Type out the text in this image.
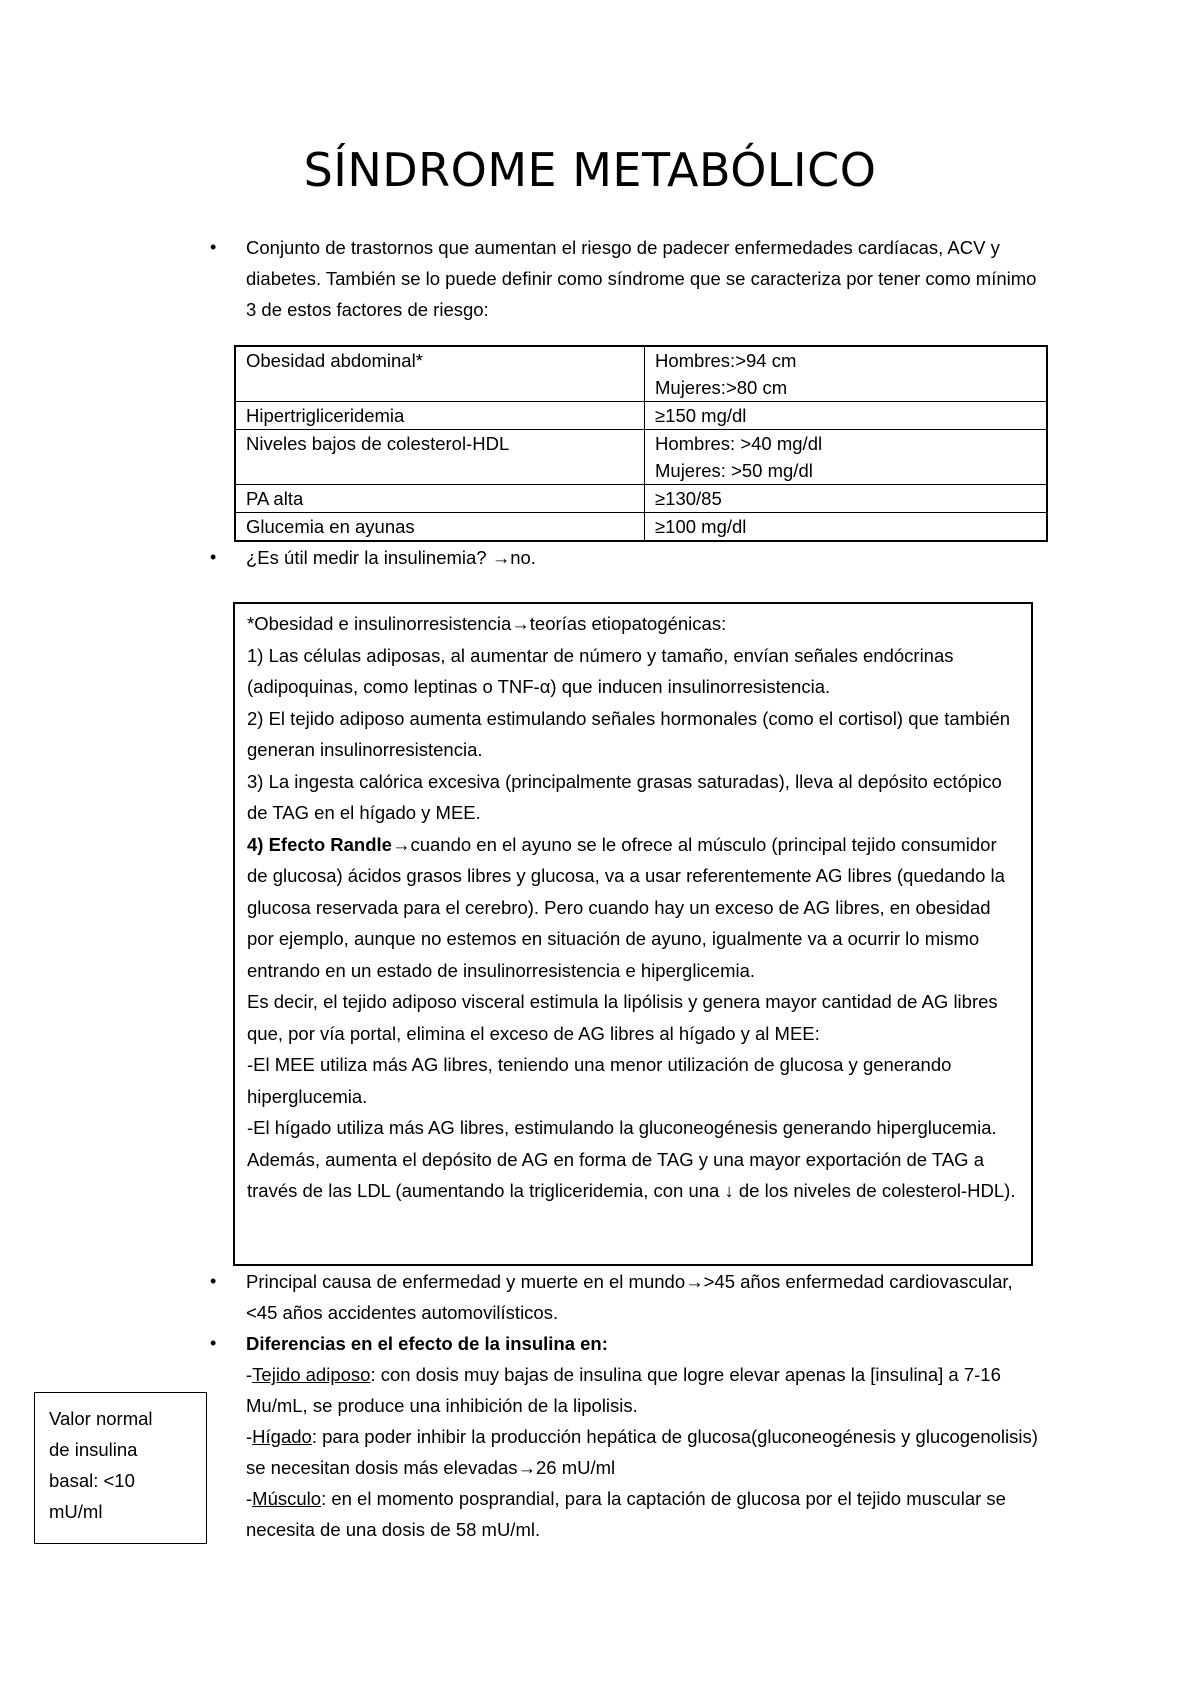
SÍNDROME METABÓLICO
• Conjunto de trastornos que aumentan el riesgo de padecer enfermedades cardíacas, ACV y diabetes. También se lo puede definir como síndrome que se caracteriza por tener como mínimo 3 de estos factores de riesgo:
Obesidad abdominal*	Hombres:>94 cm
Mujeres:>80 cm

Hipertrigliceridemia	≥150 mg/dl

Niveles bajos de colesterol-HDL	Hombres: >40 mg/dl
Mujeres: >50 mg/dl

PA alta	≥130/85

Glucemia en ayunas	≥100 mg/dl
• ¿Es útil medir la insulinemia? →no.

*Obesidad e insulinorresistencia→teorías etiopatogénicas:

1) Las células adiposas, al aumentar de número y tamaño, envían señales endócrinas (adipoquinas, como leptinas o TNF-α) que inducen insulinorresistencia.

2) El tejido adiposo aumenta estimulando señales hormonales (como el cortisol) que también generan insulinorresistencia.

3) La ingesta calórica excesiva (principalmente grasas saturadas), lleva al depósito ectópico de TAG en el hígado y MEE.

4) Efecto Randle→cuando en el ayuno se le ofrece al músculo (principal tejido consumidor de glucosa) ácidos grasos libres y glucosa, va a usar referentemente AG libres (quedando la glucosa reservada para el cerebro). Pero cuando hay un exceso de AG libres, en obesidad por ejemplo, aunque no estemos en situación de ayuno, igualmente va a ocurrir lo mismo entrando en un estado de insulinorresistencia e hiperglicemia.

Es decir, el tejido adiposo visceral estimula la lipólisis y genera mayor cantidad de AG libres que, por vía portal, elimina el exceso de AG libres al hígado y al MEE:

-El MEE utiliza más AG libres, teniendo una menor utilización de glucosa y generando hiperglucemia.

-El hígado utiliza más AG libres, estimulando la gluconeogénesis generando hiperglucemia. Además, aumenta el depósito de AG en forma de TAG y una mayor exportación de TAG a través de las LDL (aumentando la trigliceridemia, con una ↓ de los niveles de colesterol-HDL).

• Principal causa de enfermedad y muerte en el mundo→>45 años enfermedad cardiovascular, <45 años accidentes automovilísticos.
• Diferencias en el efecto de la insulina en:
-Tejido adiposo: con dosis muy bajas de insulina que logre elevar apenas la [insulina] a 7-16 Mu/mL, se produce una inhibición de la lipolisis.
-Hígado: para poder inhibir la producción hepática de glucosa(gluconeogénesis y glucogenolisis) se necesitan dosis más elevadas→26 mU/ml
-Músculo: en el momento posprandial, para la captación de glucosa por el tejido muscular se necesita de una dosis de 58 mU/ml.
Valor normal
de insulina
basal: <10
mU/ml
